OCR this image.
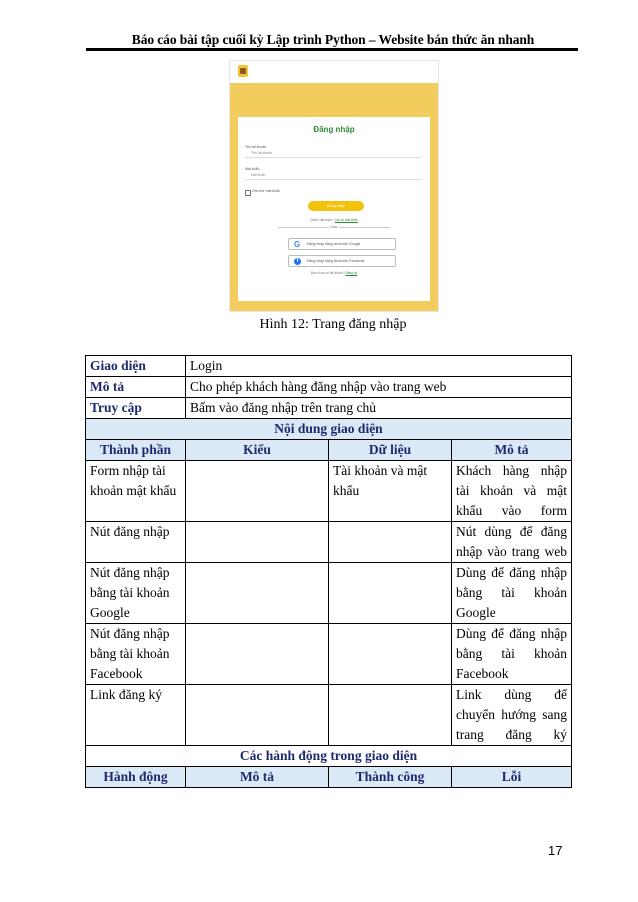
Báo cáo bài tập cuối kỳ Lập trình Python – Website bán thức ăn nhanh
Đăng nhập
Tên tài khoản
Tên tài khoản
Mật khẩu
Mật khẩu
Ghi nhớ mật khẩu
Đăng nhập
Quên mật khẩu? Lấy lại mật khẩu
hoặc
G Đăng nhập bằng tài khoản Google
f	Đăng nhập bằng tài khoản Facebook
Bạn chưa có tài khoản? Đăng ký
Hình 12: Trang đăng nhập
Giao diện	Login		
Mô tả	Cho phép khách hàng đăng nhập vào trang web		
Truy cập	Bấm vào đăng nhập trên trang chủ		
Nội dung giao diện			
Thành phần	Kiểu	Dữ liệu	Mô tả
Form nhập tài khoản mật khẩu		Tài khoản và mật khẩu	Khách hàng nhập tài khoản và mật khẩu vào form
Nút đăng nhập			Nút dùng để đăng nhập vào trang web
Nút đăng nhập bằng tài khoản Google			Dùng để đăng nhập bằng tài khoản Google
Nút đăng nhập bằng tài khoản Facebook			Dùng để đăng nhập bằng tài khoản Facebook
Link đăng ký			Link dùng để chuyển hướng sang trang đăng ký
Các hành động trong giao diện			
Hành động	Mô tả	Thành công	Lỗi
17
